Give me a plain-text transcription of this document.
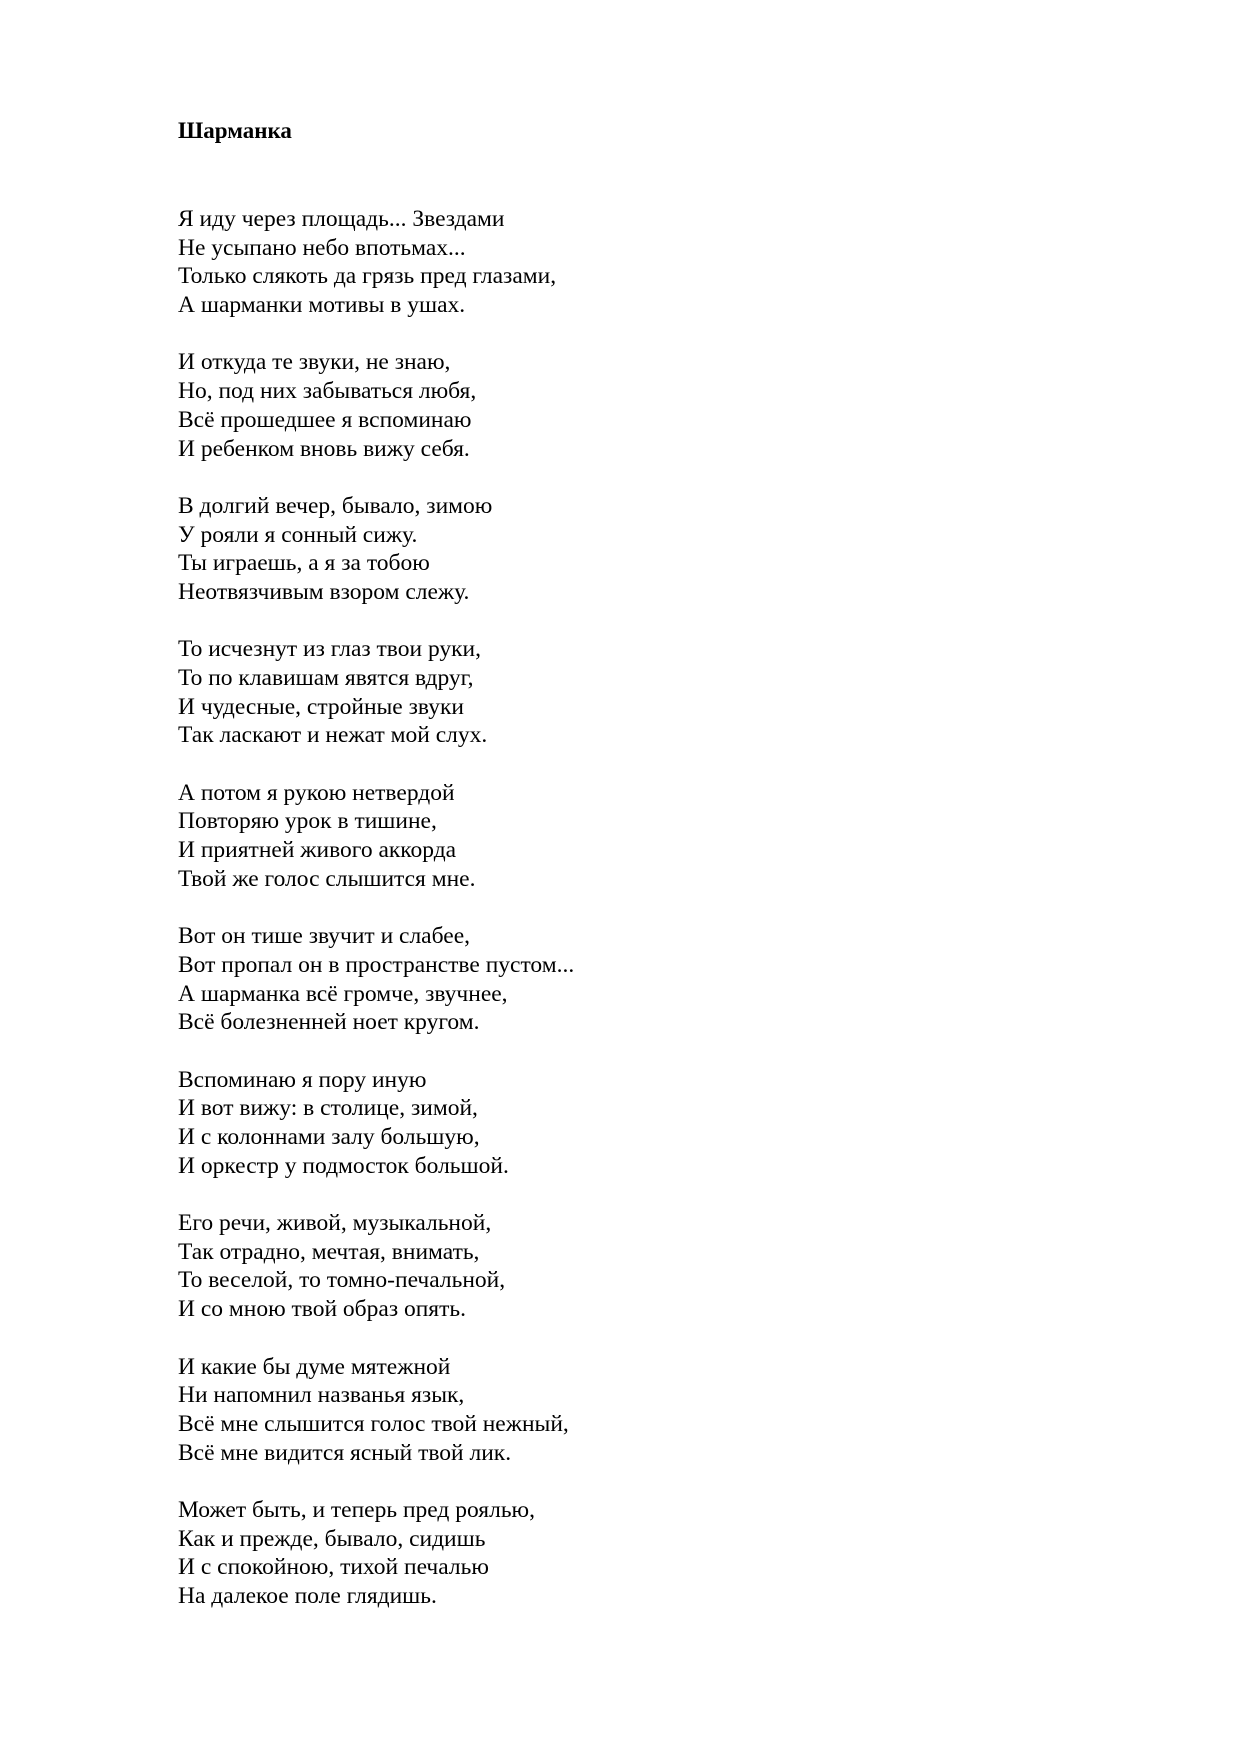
Шарманка
Я иду через площадь... Звездами
Не усыпано небо впотьмах...
Только слякоть да грязь пред глазами,
А шарманки мотивы в ушах.
И откуда те звуки, не знаю,
Но, под них забываться любя,
Всё прошедшее я вспоминаю
И ребенком вновь вижу себя.
В долгий вечер, бывало, зимою
У рояли я сонный сижу.
Ты играешь, а я за тобою
Неотвязчивым взором слежу.
То исчезнут из глаз твои руки,
То по клавишам явятся вдруг,
И чудесные, стройные звуки
Так ласкают и нежат мой слух.
А потом я рукою нетвердой
Повторяю урок в тишине,
И приятней живого аккорда
Твой же голос слышится мне.
Вот он тише звучит и слабее,
Вот пропал он в пространстве пустом...
А шарманка всё громче, звучнее,
Всё болезненней ноет кругом.
Вспоминаю я пору иную
И вот вижу: в столице, зимой,
И с колоннами залу большую,
И оркестр у подмосток большой.
Его речи, живой, музыкальной,
Так отрадно, мечтая, внимать,
То веселой, то томно-печальной,
И со мною твой образ опять.
И какие бы думе мятежной
Ни напомнил названья язык,
Всё мне слышится голос твой нежный,
Всё мне видится ясный твой лик.
Может быть, и теперь пред роялью,
Как и прежде, бывало, сидишь
И с спокойною, тихой печалью
На далекое поле глядишь.
